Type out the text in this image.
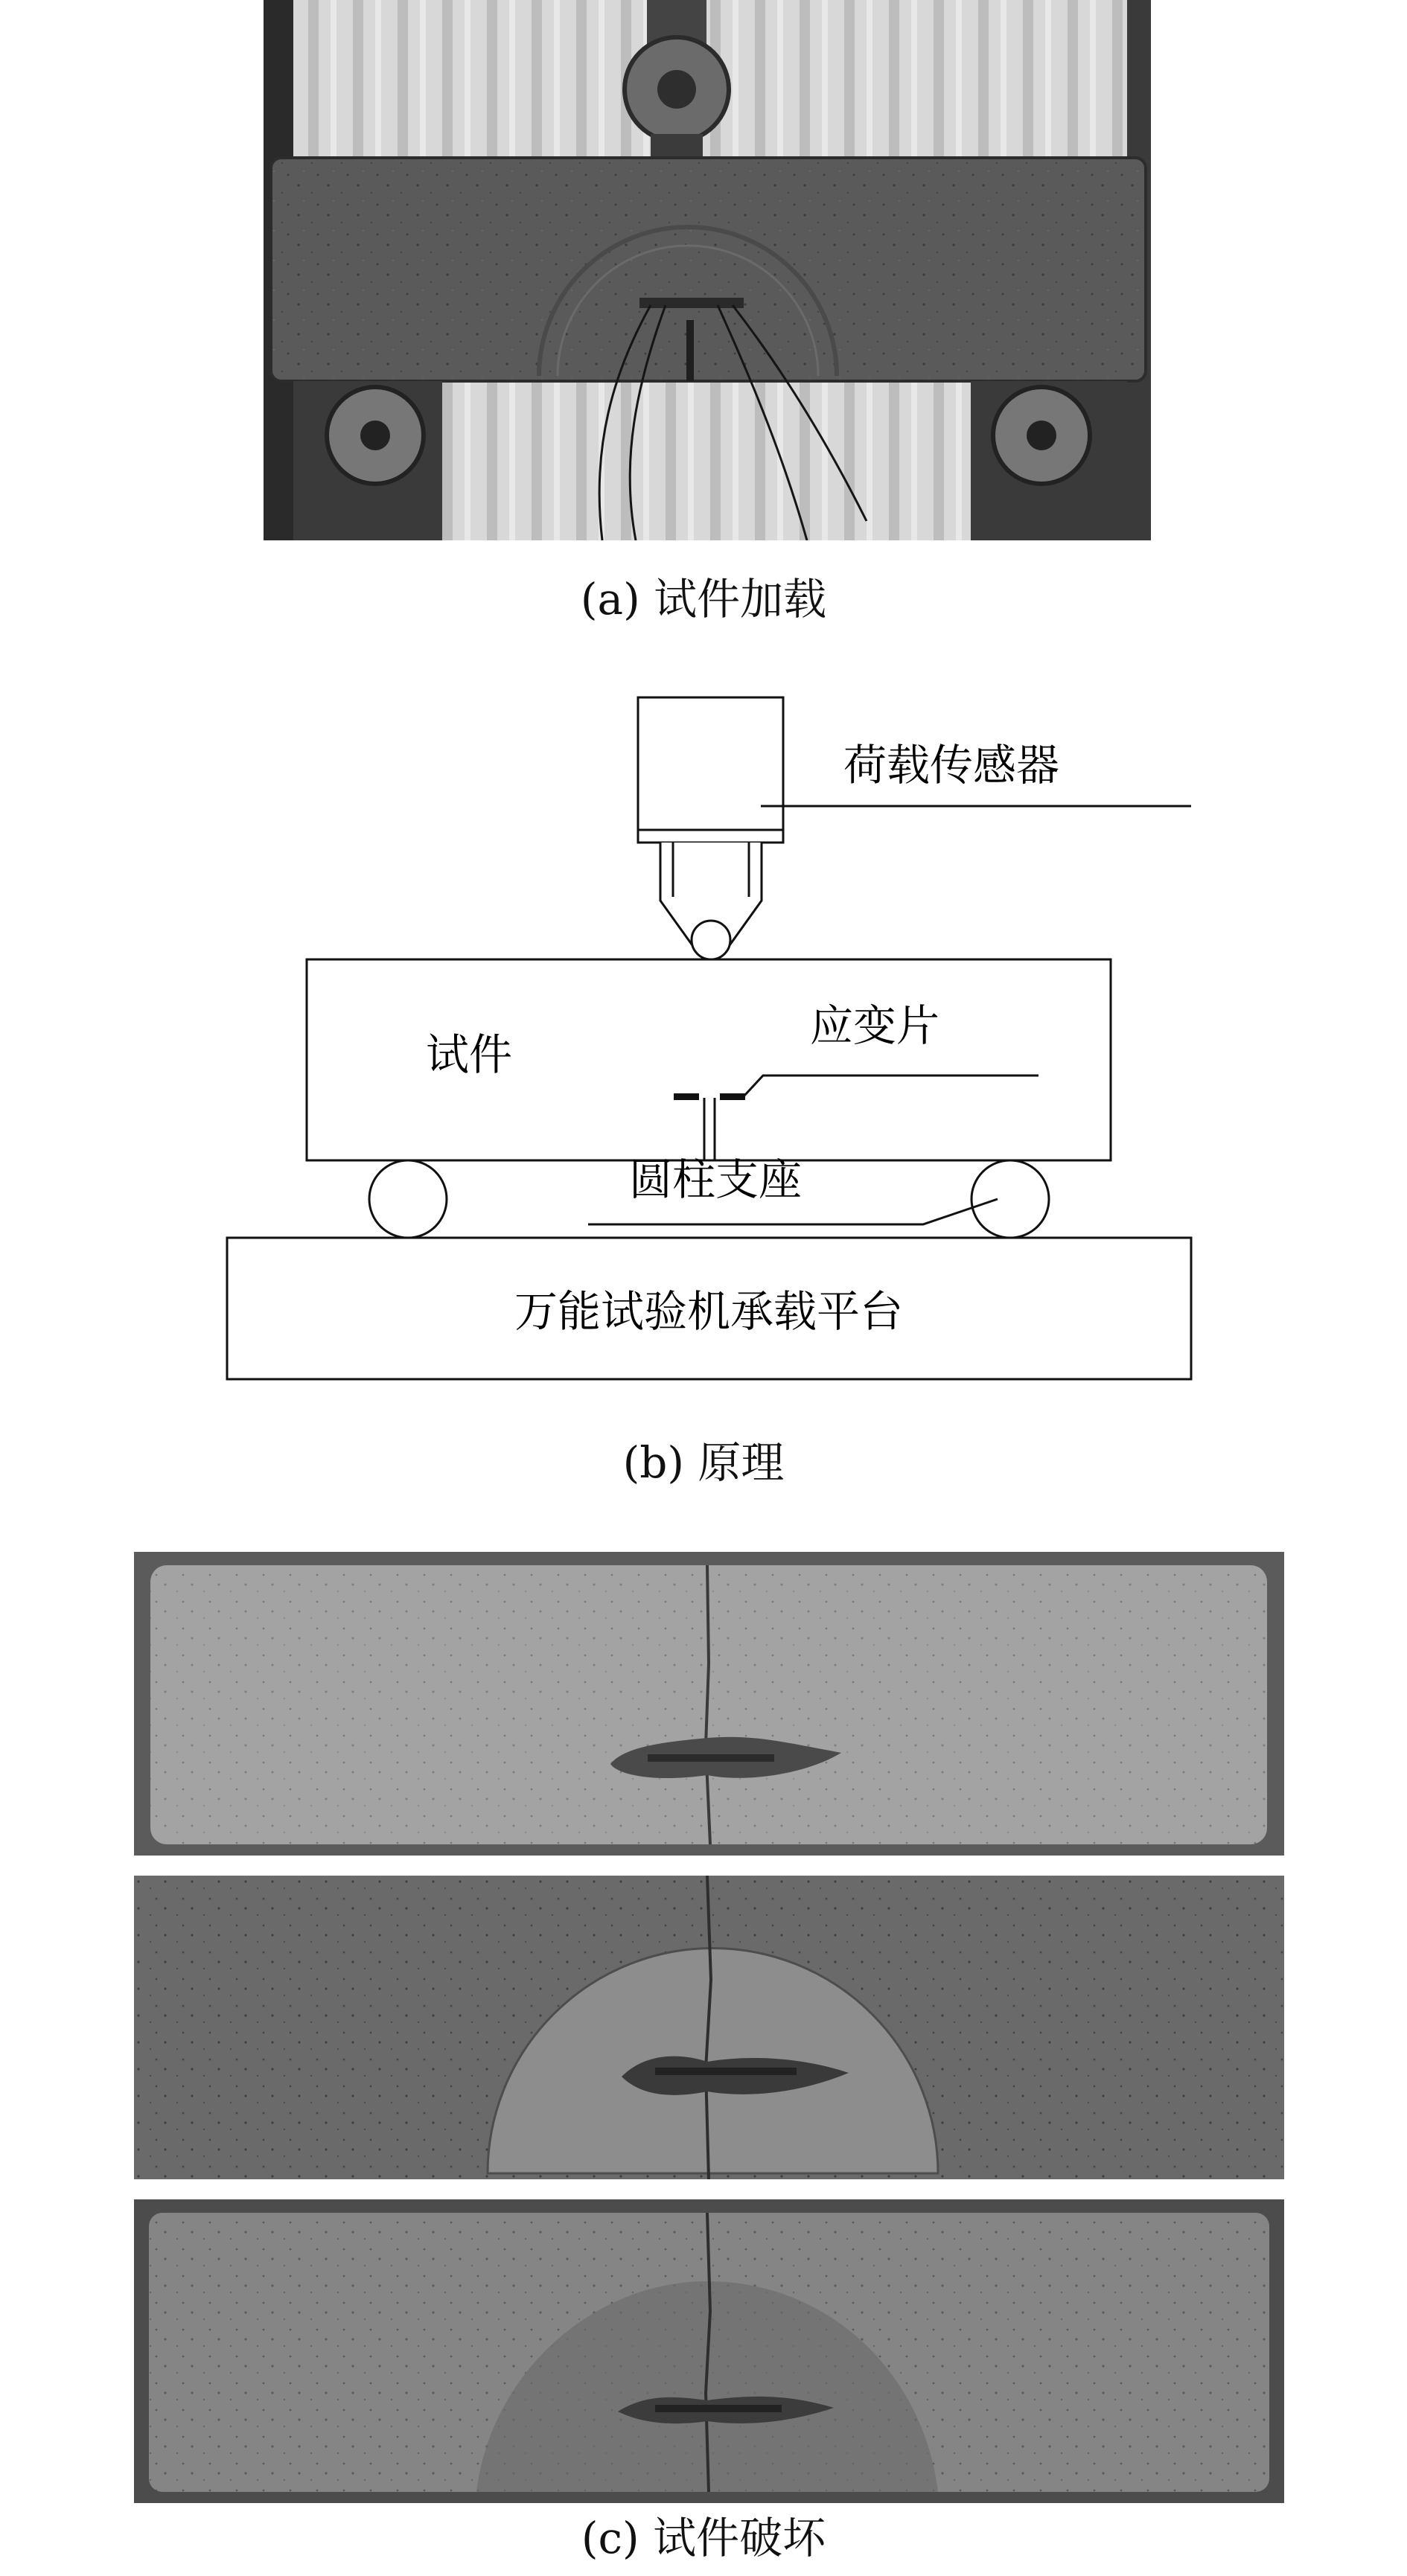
(a) 试件加载
荷载传感器
试件
应变片
圆柱支座
万能试验机承载平台
(b) 原理
(c) 试件破坏
